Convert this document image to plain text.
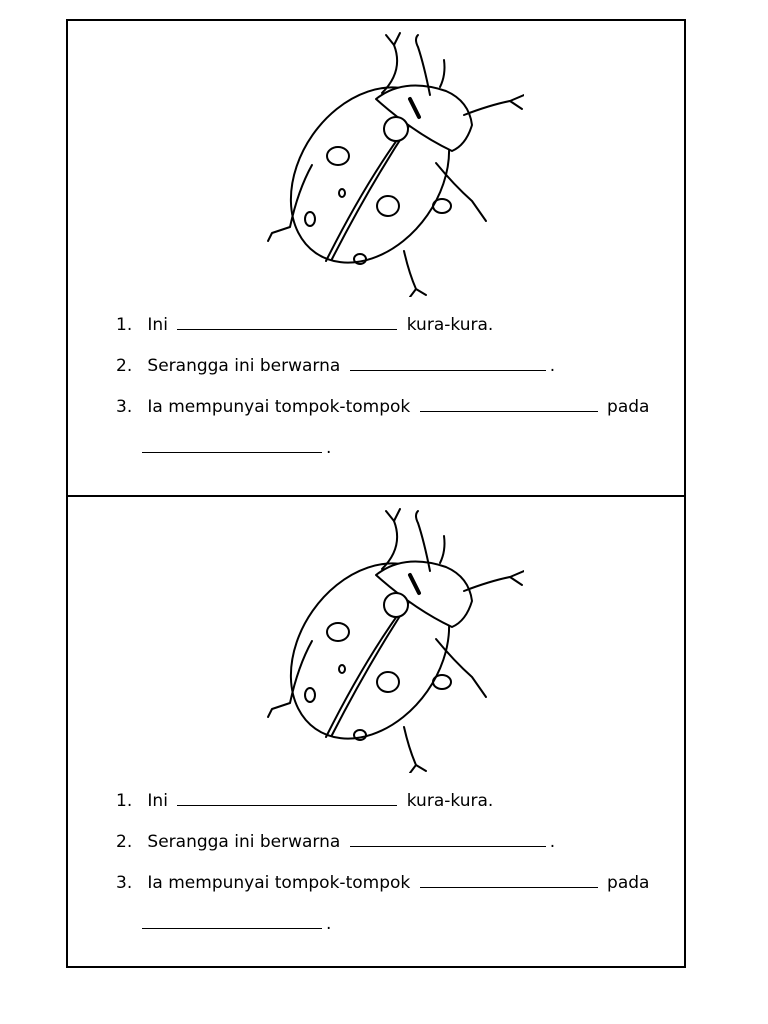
1. Ini	kura-kura.
2. Serangga ini berwarna	.
3. Ia mempunyai tompok-tompok	pada
.
1. Ini	kura-kura.
2. Serangga ini berwarna	.
3. Ia mempunyai tompok-tompok	pada
.
